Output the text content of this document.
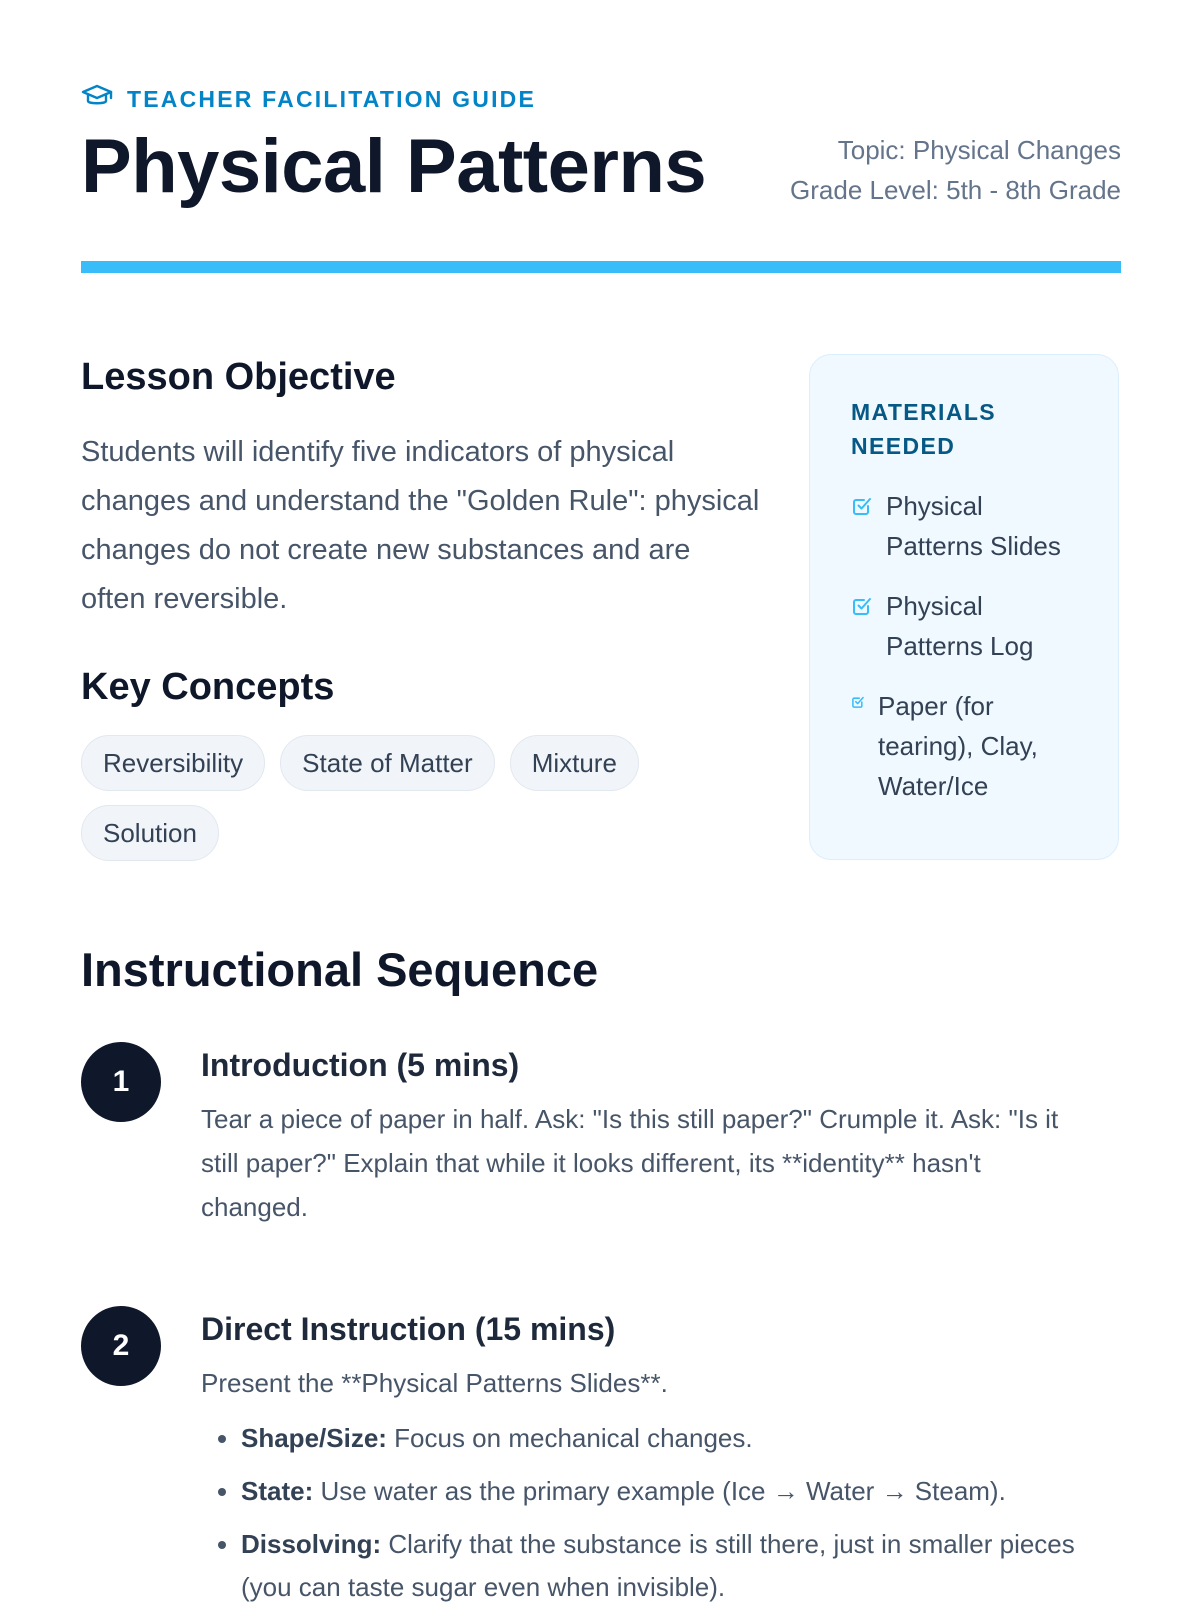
TEACHER FACILITATION GUIDE
Physical Patterns	Topic: Physical Changes
Grade Level: 5th - 8th Grade
Lesson Objective
Students will identify five indicators of physical changes and understand the "Golden Rule": physical changes do not create new substances and are often reversible.
Key Concepts
Reversibility	State of Matter	Mixture
Solution
MATERIALS NEEDED
Physical Patterns Slides
Physical Patterns Log
Paper (for tearing), Clay, Water/Ice
Instructional Sequence
1	Introduction (5 mins)
Tear a piece of paper in half. Ask: "Is this still paper?" Crumple it. Ask: "Is it still paper?" Explain that while it looks different, its **identity** hasn't changed.
2	Direct Instruction (15 mins)
Present the **Physical Patterns Slides**.
• Shape/Size: Focus on mechanical changes.
• State: Use water as the primary example (Ice → Water → Steam).
• Dissolving: Clarify that the substance is still there, just in smaller pieces (you can taste sugar even when invisible).
